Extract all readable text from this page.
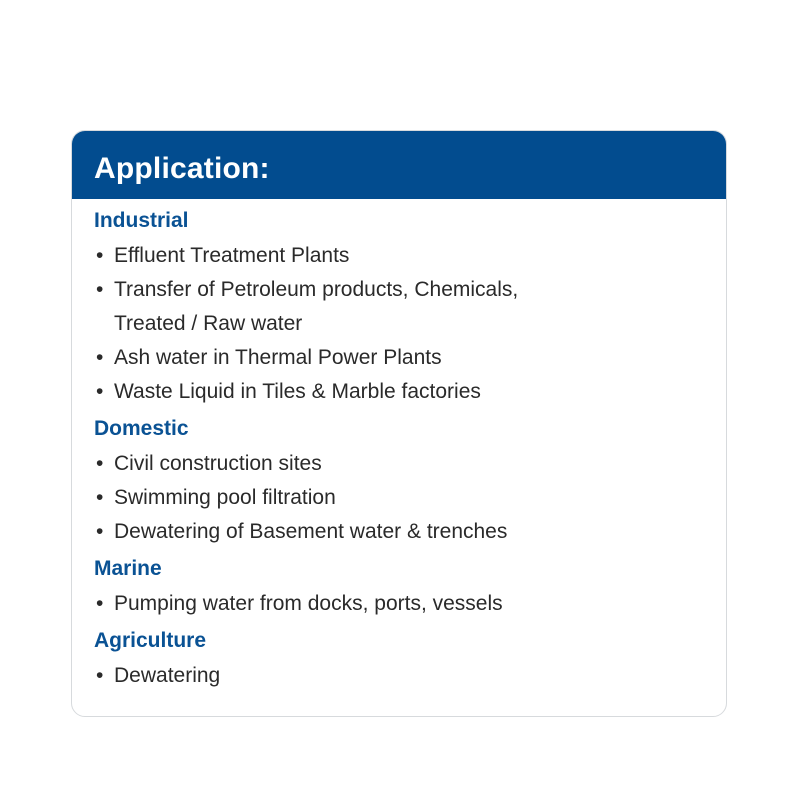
Application:
Industrial
• Effluent Treatment Plants
• Transfer of Petroleum products, Chemicals,
Treated / Raw water
• Ash water in Thermal Power Plants
• Waste Liquid in Tiles & Marble factories
Domestic
• Civil construction sites
• Swimming pool filtration
• Dewatering of Basement water & trenches
Marine
• Pumping water from docks, ports, vessels
Agriculture
• Dewatering
